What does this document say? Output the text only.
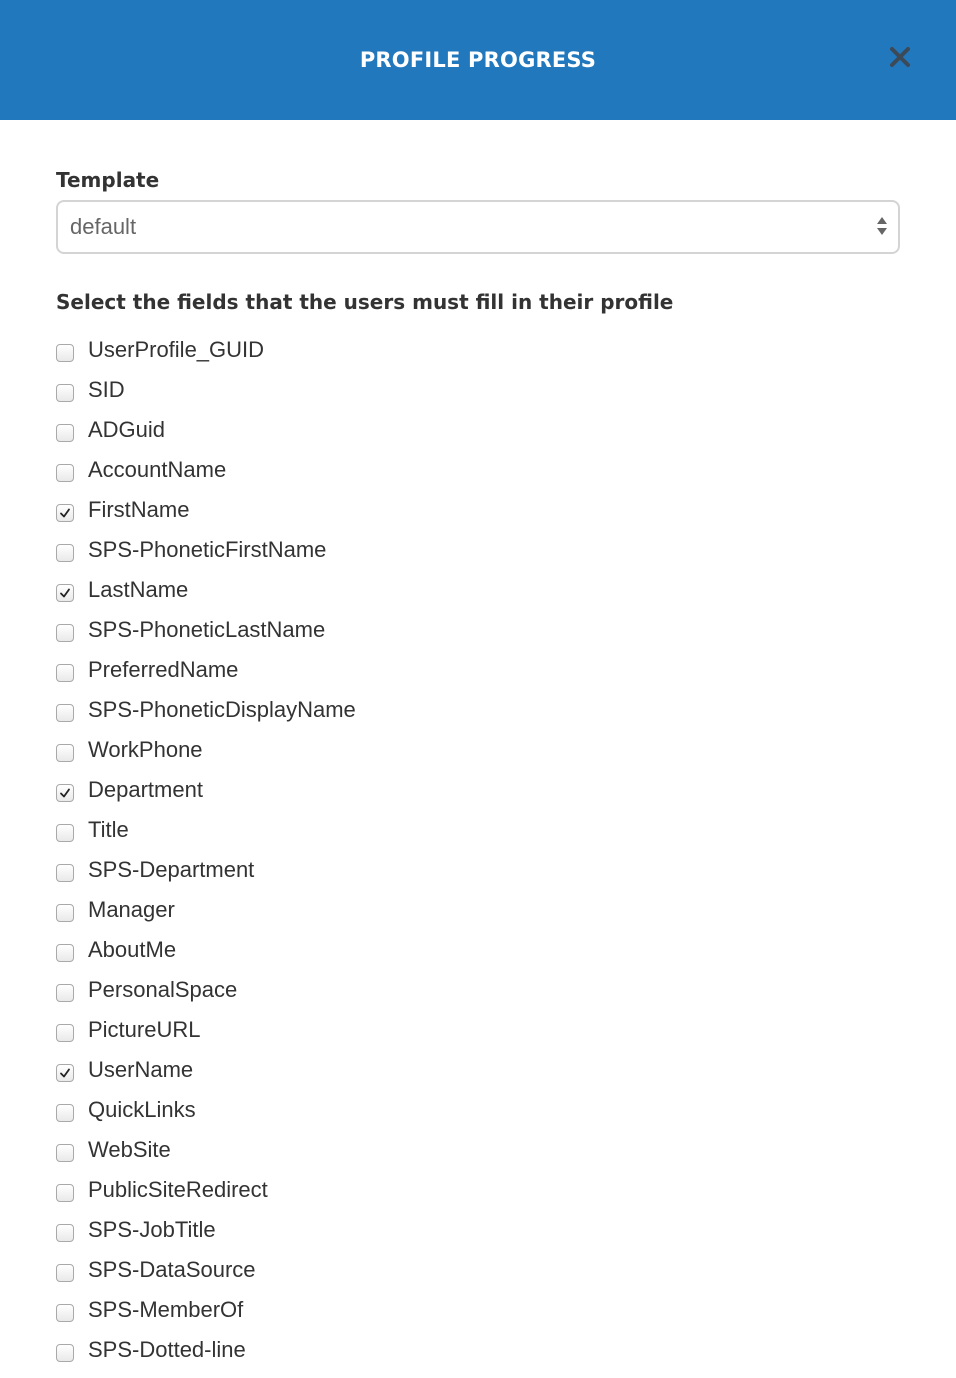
PROFILE PROGRESS
Template
default
Select the fields that the users must fill in their profile
UserProfile_GUID
SID
ADGuid
AccountName
FirstName
SPS-PhoneticFirstName
LastName
SPS-PhoneticLastName
PreferredName
SPS-PhoneticDisplayName
WorkPhone
Department
Title
SPS-Department
Manager
AboutMe
PersonalSpace
PictureURL
UserName
QuickLinks
WebSite
PublicSiteRedirect
SPS-JobTitle
SPS-DataSource
SPS-MemberOf
SPS-Dotted-line
